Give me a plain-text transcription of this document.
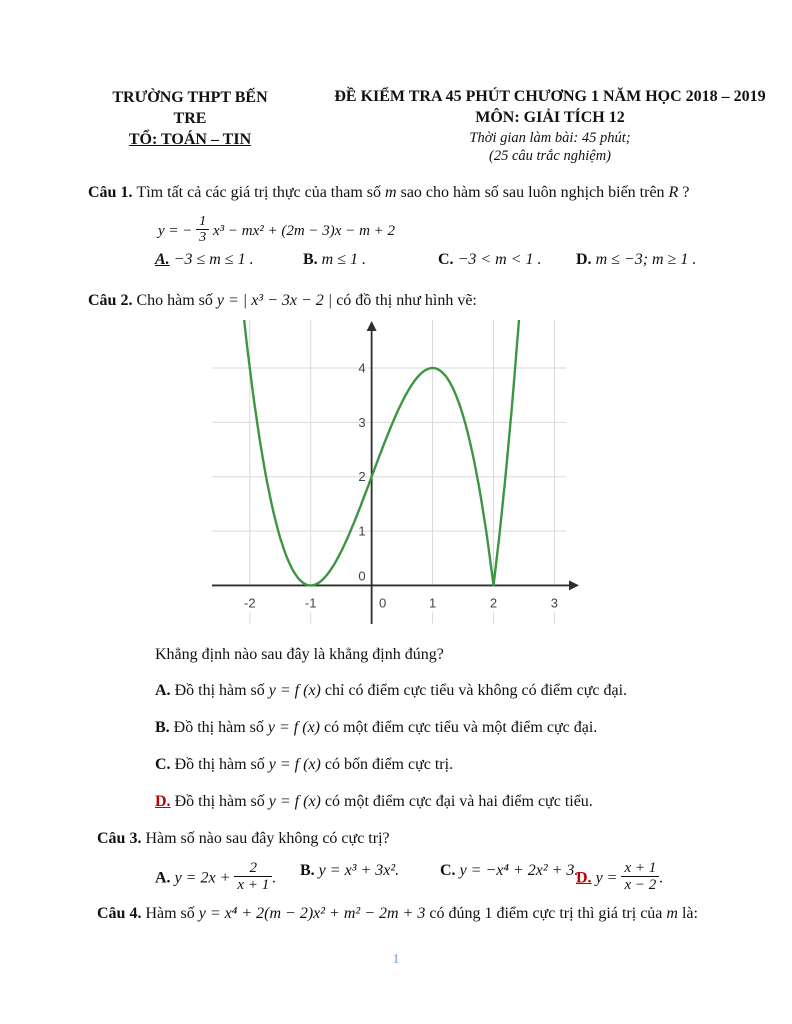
TRƯỜNG THPT BẾN TRE
TỔ: TOÁN – TIN
ĐỀ KIỂM TRA 45 PHÚT CHƯƠNG 1 NĂM HỌC 2018 – 2019
MÔN: GIẢI TÍCH 12
Thời gian làm bài: 45 phút;
(25 câu trắc nghiệm)
Câu 1. Tìm tất cả các giá trị thực của tham số m sao cho hàm số sau luôn nghịch biến trên R ?
y = − $\frac{1}{3} x^3 - mx^2 + (2m - 3)x - m + 2$
A. −3 ≤ m ≤ 1 .	B. m ≤ 1 .	C. −3 < m < 1 . D. m ≤ −3; m ≥ 1 .
Câu 2. Cho hàm số y = | x³ − 3x − 2 | có đồ thị như hình vẽ:
-2	-1	0	1	2	3
0
1
2
3
4
Khẳng định nào sau đây là khẳng định đúng?
A. Đồ thị hàm số y = f (x) chỉ có điểm cực tiểu và không có điểm cực đại.
B. Đồ thị hàm số y = f (x) có một điểm cực tiểu và một điểm cực đại.
C. Đồ thị hàm số y = f (x) có bốn điểm cực trị.
D. Đồ thị hàm số y = f (x) có một điểm cực đại và hai điểm cực tiểu.
Câu 3. Hàm số nào sau đây không có cực trị?
A. $y = 2x + \frac{2}{x + 1}$ . B. y = x³ + 3x².	C. y = −x⁴ + 2x² + 3.
D. $y = \frac{x + 1}{x - 2}$ .
Câu 4. Hàm số y = x⁴ + 2(m − 2)x² + m² − 2m + 3 có đúng 1 điểm cực trị thì giá trị của m là:
1
